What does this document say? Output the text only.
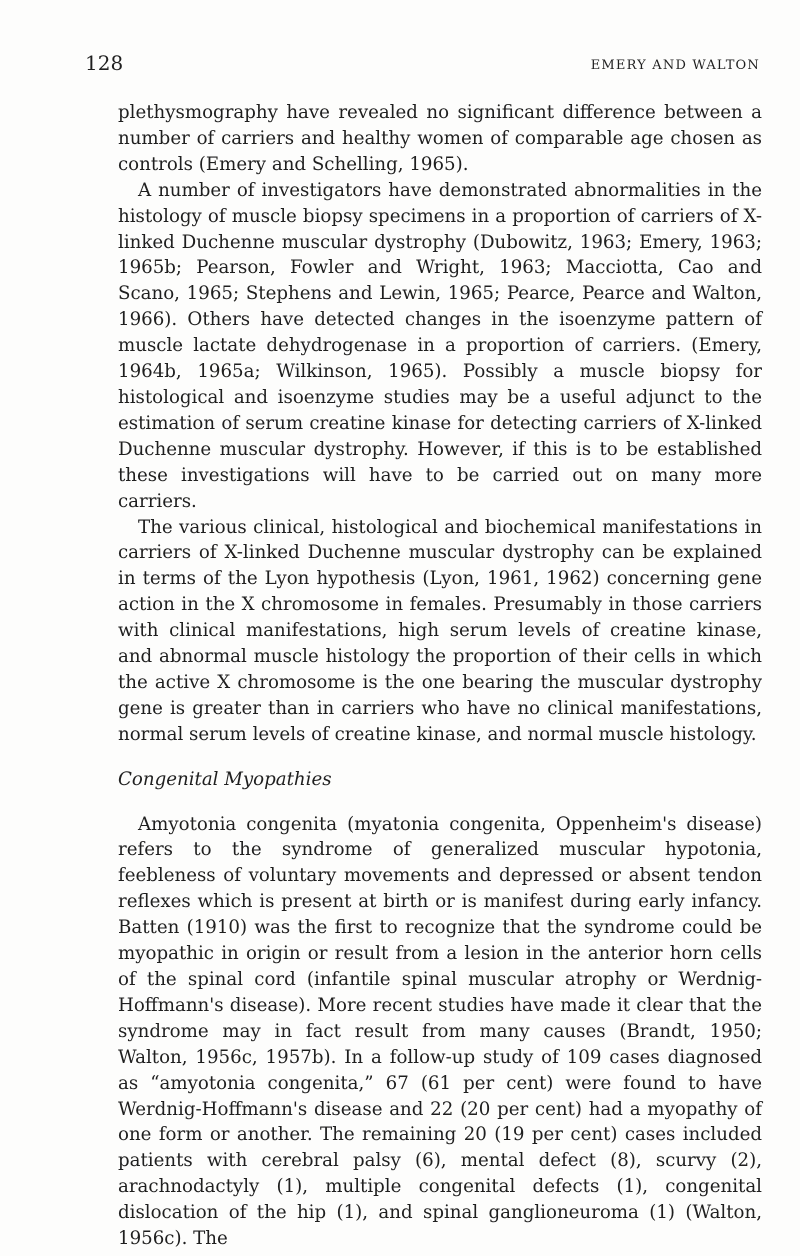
128	EMERY AND WALTON

plethysmography have revealed no significant difference between a number of carriers and healthy women of comparable age chosen as controls (Emery and Schelling, 1965).

A number of investigators have demonstrated abnormalities in the histology of muscle biopsy specimens in a proportion of carriers of X-linked Duchenne muscular dystrophy (Dubowitz, 1963; Emery, 1963; 1965b; Pearson, Fowler and Wright, 1963; Macciotta, Cao and Scano, 1965; Stephens and Lewin, 1965; Pearce, Pearce and Walton, 1966). Others have detected changes in the isoenzyme pattern of muscle lactate dehydrogenase in a proportion of carriers. (Emery, 1964b, 1965a; Wilkinson, 1965). Possibly a muscle biopsy for histological and isoenzyme studies may be a useful adjunct to the estimation of serum creatine kinase for detecting carriers of X-linked Duchenne muscular dystrophy. However, if this is to be established these investigations will have to be carried out on many more carriers.

The various clinical, histological and biochemical manifestations in carriers of X-linked Duchenne muscular dystrophy can be explained in terms of the Lyon hypothesis (Lyon, 1961, 1962) concerning gene action in the X chromosome in females. Presumably in those carriers with clinical manifestations, high serum levels of creatine kinase, and abnormal muscle histology the proportion of their cells in which the active X chromosome is the one bearing the muscular dystrophy gene is greater than in carriers who have no clinical manifestations, normal serum levels of creatine kinase, and normal muscle histology.

Congenital Myopathies

Amyotonia congenita (myatonia congenita, Oppenheim's disease) refers to the syndrome of generalized muscular hypotonia, feebleness of voluntary movements and depressed or absent tendon reflexes which is present at birth or is manifest during early infancy. Batten (1910) was the first to recognize that the syndrome could be myopathic in origin or result from a lesion in the anterior horn cells of the spinal cord (infantile spinal muscular atrophy or Werdnig-Hoffmann's disease). More recent studies have made it clear that the syndrome may in fact result from many causes (Brandt, 1950; Walton, 1956c, 1957b). In a follow-up study of 109 cases diagnosed as “amyotonia congenita,” 67 (61 per cent) were found to have Werdnig-Hoffmann's disease and 22 (20 per cent) had a myopathy of one form or another. The remaining 20 (19 per cent) cases included patients with cerebral palsy (6), mental defect (8), scurvy (2), arachnodactyly (1), multiple congenital defects (1), congenital dislocation of the hip (1), and spinal ganglioneuroma (1) (Walton, 1956c). The
